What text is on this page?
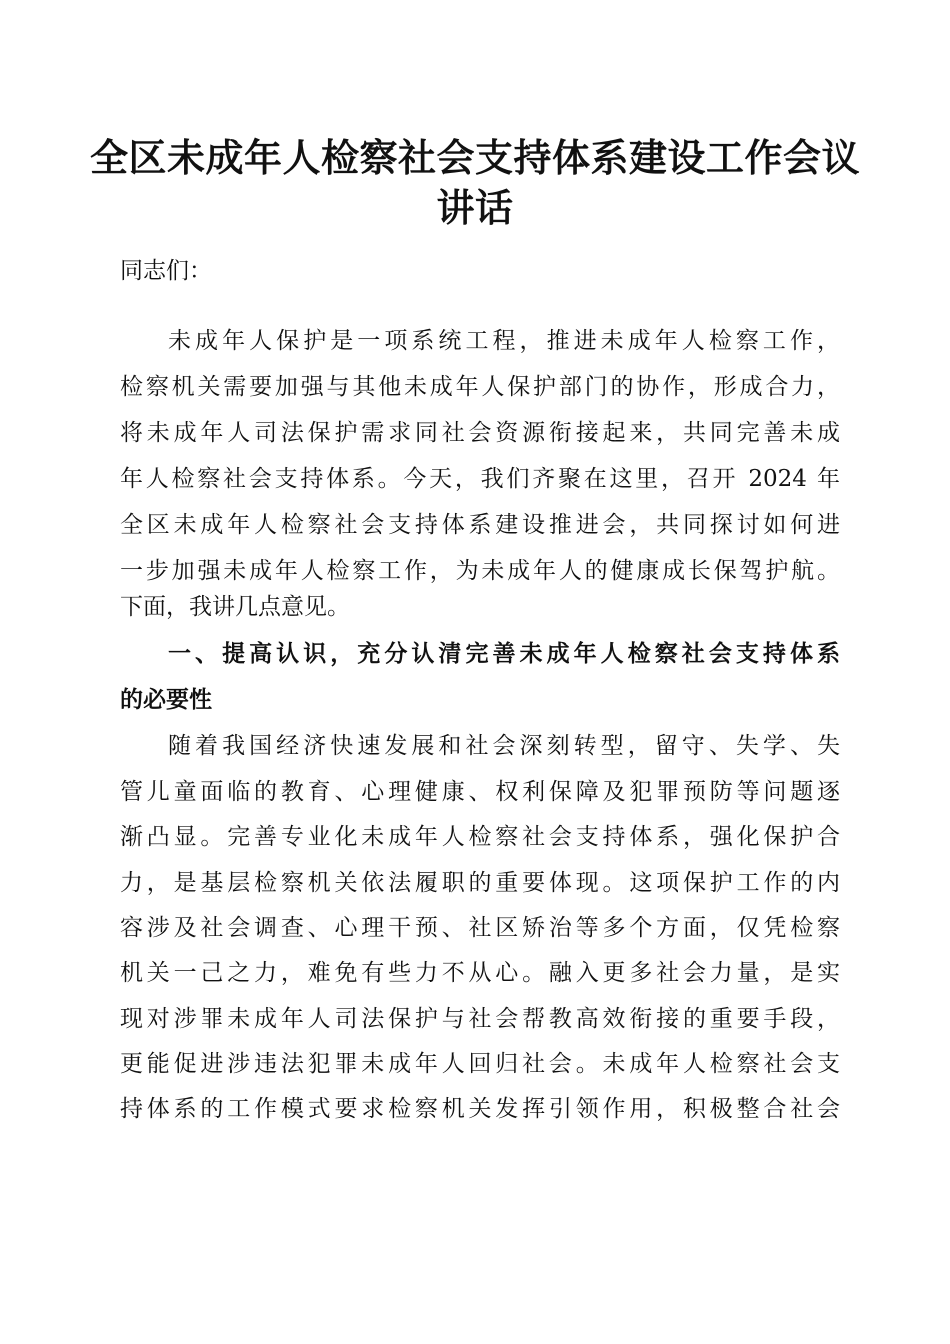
全区未成年人检察社会支持体系建设工作会议
讲话

同志们：

未成年人保护是一项系统工程，推进未成年人检察工作，

检察机关需要加强与其他未成年人保护部门的协作，形成合力，

将未成年人司法保护需求同社会资源衔接起来，共同完善未成

年人检察社会支持体系。今天，我们齐聚在这里，召开 2024 年

全区未成年人检察社会支持体系建设推进会，共同探讨如何进

一步加强未成年人检察工作，为未成年人的健康成长保驾护航。

下面，我讲几点意见。

一、提高认识，充分认清完善未成年人检察社会支持体系

的必要性

随着我国经济快速发展和社会深刻转型，留守、失学、失

管儿童面临的教育、心理健康、权利保障及犯罪预防等问题逐

渐凸显。完善专业化未成年人检察社会支持体系，强化保护合

力，是基层检察机关依法履职的重要体现。这项保护工作的内

容涉及社会调查、心理干预、社区矫治等多个方面，仅凭检察

机关一己之力，难免有些力不从心。融入更多社会力量，是实

现对涉罪未成年人司法保护与社会帮教高效衔接的重要手段，

更能促进涉违法犯罪未成年人回归社会。未成年人检察社会支

持体系的工作模式要求检察机关发挥引领作用，积极整合社会
